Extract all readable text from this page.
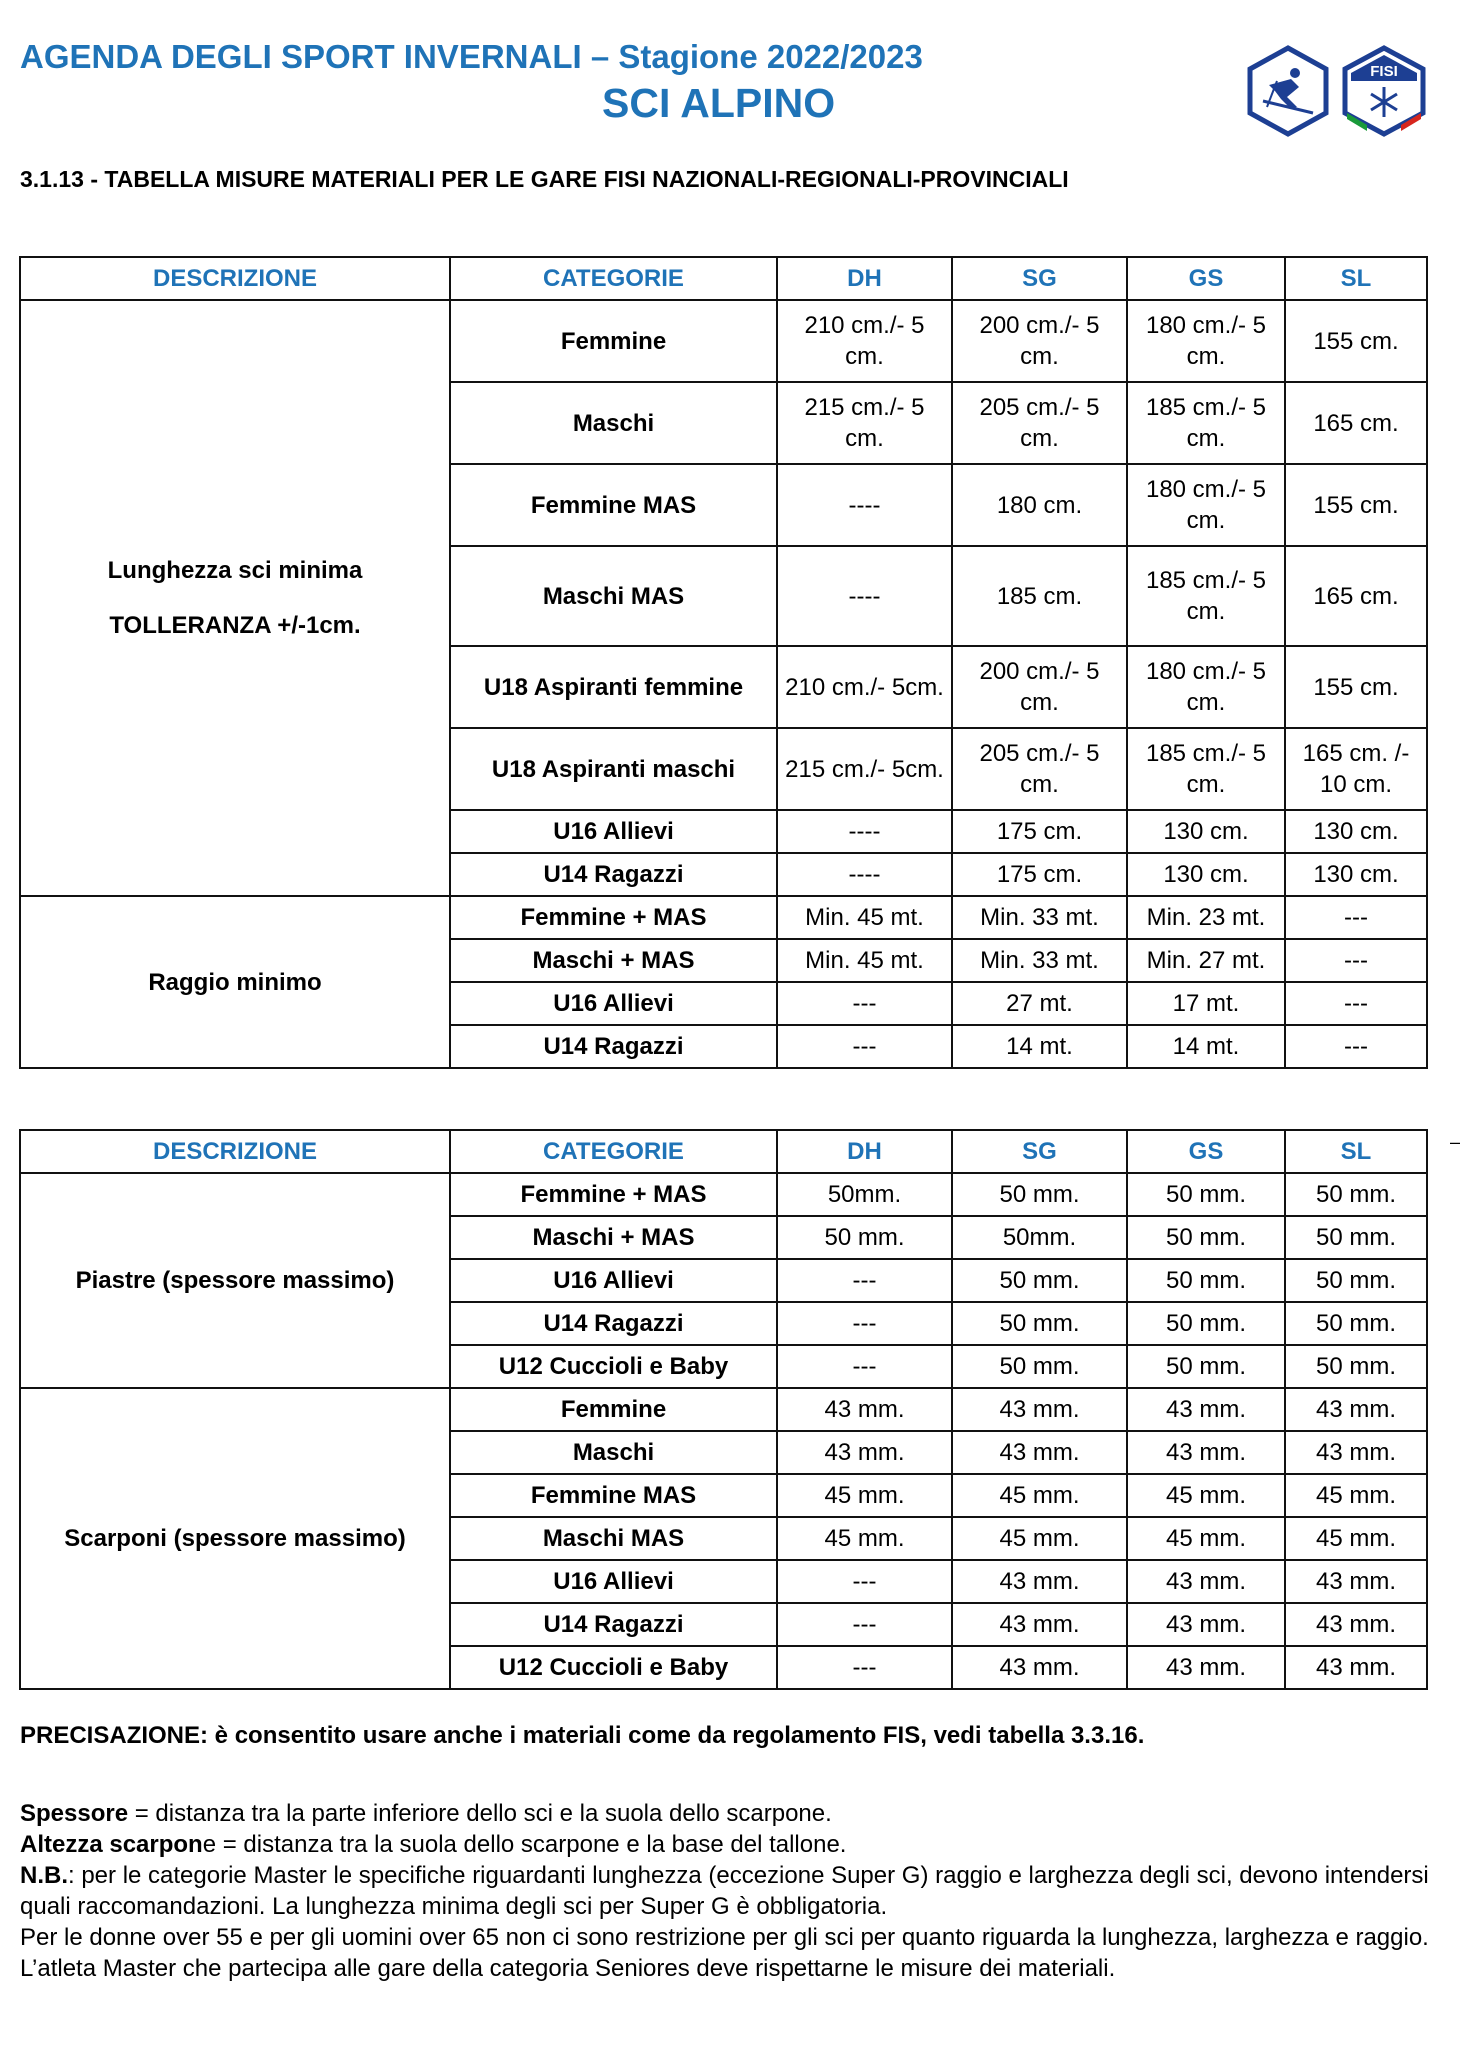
AGENDA DEGLI SPORT INVERNALI – Stagione 2022/2023
SCI ALPINO
FISI
3.1.13 - TABELLA MISURE MATERIALI PER LE GARE FISI NAZIONALI-REGIONALI-PROVINCIALI
DESCRIZIONE	CATEGORIE	DH	SG	GS	SL

Lunghezza sci minima
TOLLERANZA +/-1cm.	Femmine	210 cm./- 5 cm.	200 cm./- 5 cm.	180 cm./- 5 cm.	155 cm.
	Maschi	215 cm./- 5 cm.	205 cm./- 5 cm.	185 cm./- 5 cm.	165 cm.
	Femmine MAS	----	180 cm.	180 cm./- 5 cm.	155 cm.
	Maschi MAS	----	185 cm.	185 cm./- 5 cm.	165 cm.
	U18 Aspiranti femmine	210 cm./- 5cm.	200 cm./- 5 cm.	180 cm./- 5 cm.	155 cm.
	U18 Aspiranti maschi	215 cm./- 5cm.	205 cm./- 5 cm.	185 cm./- 5 cm.	165 cm. /- 10 cm.
	U16 Allievi	----	175 cm.	130 cm.	130 cm.
	U14 Ragazzi	----	175 cm.	130 cm.	130 cm.
Raggio minimo	Femmine + MAS	Min. 45 mt.	Min. 33 mt.	Min. 23 mt.	---
	Maschi + MAS	Min. 45 mt.	Min. 33 mt.	Min. 27 mt.	---
	U16 Allievi	---	27 mt.	17 mt.	---
	U14 Ragazzi	---	14 mt.	14 mt.	---
–
DESCRIZIONE	CATEGORIE	DH	SG	GS	SL
Piastre (spessore massimo)	Femmine + MAS	50mm.	50 mm.	50 mm.	50 mm.
	Maschi + MAS	50 mm.	50mm.	50 mm.	50 mm.
	U16 Allievi	---	50 mm.	50 mm.	50 mm.
	U14 Ragazzi	---	50 mm.	50 mm.	50 mm.
	U12 Cuccioli e Baby	---	50 mm.	50 mm.	50 mm.
Scarponi (spessore massimo)	Femmine	43 mm.	43 mm.	43 mm.	43 mm.
	Maschi	43 mm.	43 mm.	43 mm.	43 mm.
	Femmine MAS	45 mm.	45 mm.	45 mm.	45 mm.
	Maschi MAS	45 mm.	45 mm.	45 mm.	45 mm.
	U16 Allievi	---	43 mm.	43 mm.	43 mm.
	U14 Ragazzi	---	43 mm.	43 mm.	43 mm.
	U12 Cuccioli e Baby	---	43 mm.	43 mm.	43 mm.
PRECISAZIONE: è consentito usare anche i materiali come da regolamento FIS, vedi tabella 3.3.16.

Spessore = distanza tra la parte inferiore dello sci e la suola dello scarpone.

Altezza scarpone = distanza tra la suola dello scarpone e la base del tallone.

N.B.: per le categorie Master le specifiche riguardanti lunghezza (eccezione Super G) raggio e larghezza degli sci, devono intendersi quali raccomandazioni. La lunghezza minima degli sci per Super G è obbligatoria.

Per le donne over 55 e per gli uomini over 65 non ci sono restrizione per gli sci per quanto riguarda la lunghezza, larghezza e raggio.

L’atleta Master che partecipa alle gare della categoria Seniores deve rispettarne le misure dei materiali.
